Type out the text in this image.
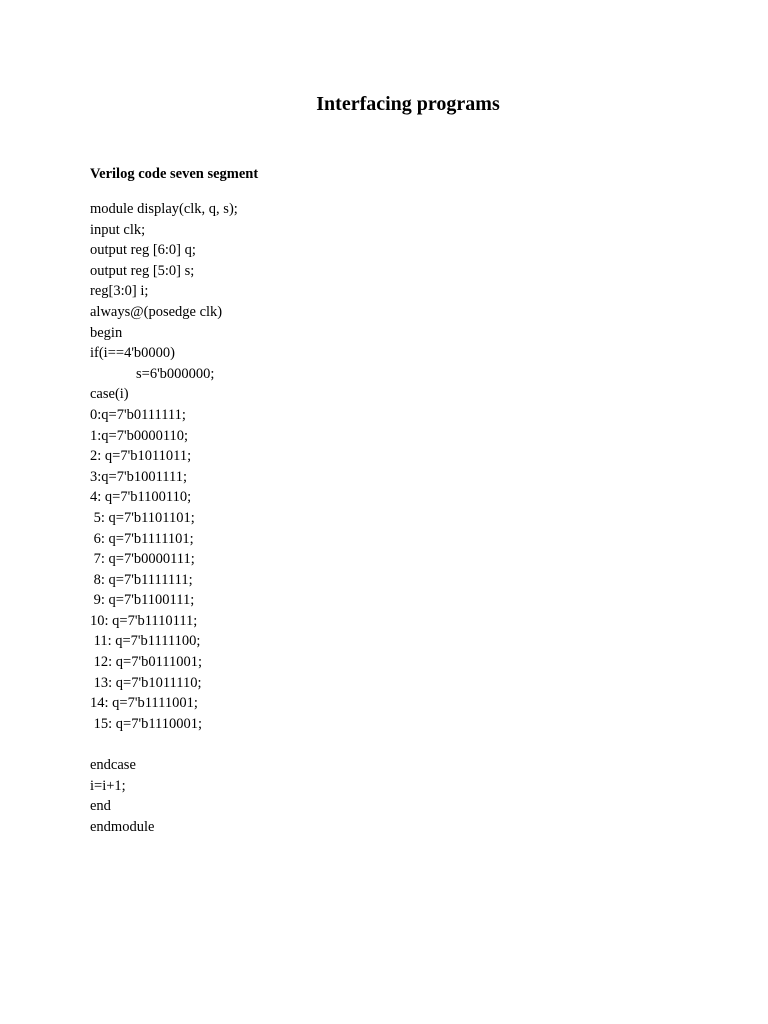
Interfacing programs
Verilog code seven segment
module display(clk, q, s);
input clk;
output reg [6:0] q;
output reg [5:0] s;
reg[3:0] i;
always@(posedge clk)
begin
if(i==4'b0000)
s=6'b000000;
case(i)
0:q=7'b0111111;
1:q=7'b0000110;
2: q=7'b1011011;
3:q=7'b1001111;
4: q=7'b1100110;
5: q=7'b1101101;
6: q=7'b1111101;
7: q=7'b0000111;
8: q=7'b1111111;
9: q=7'b1100111;
10: q=7'b1110111;
11: q=7'b1111100;
12: q=7'b0111001;
13: q=7'b1011110;
14: q=7'b1111001;
15: q=7'b1110001;
endcase
i=i+1;
end
endmodule
